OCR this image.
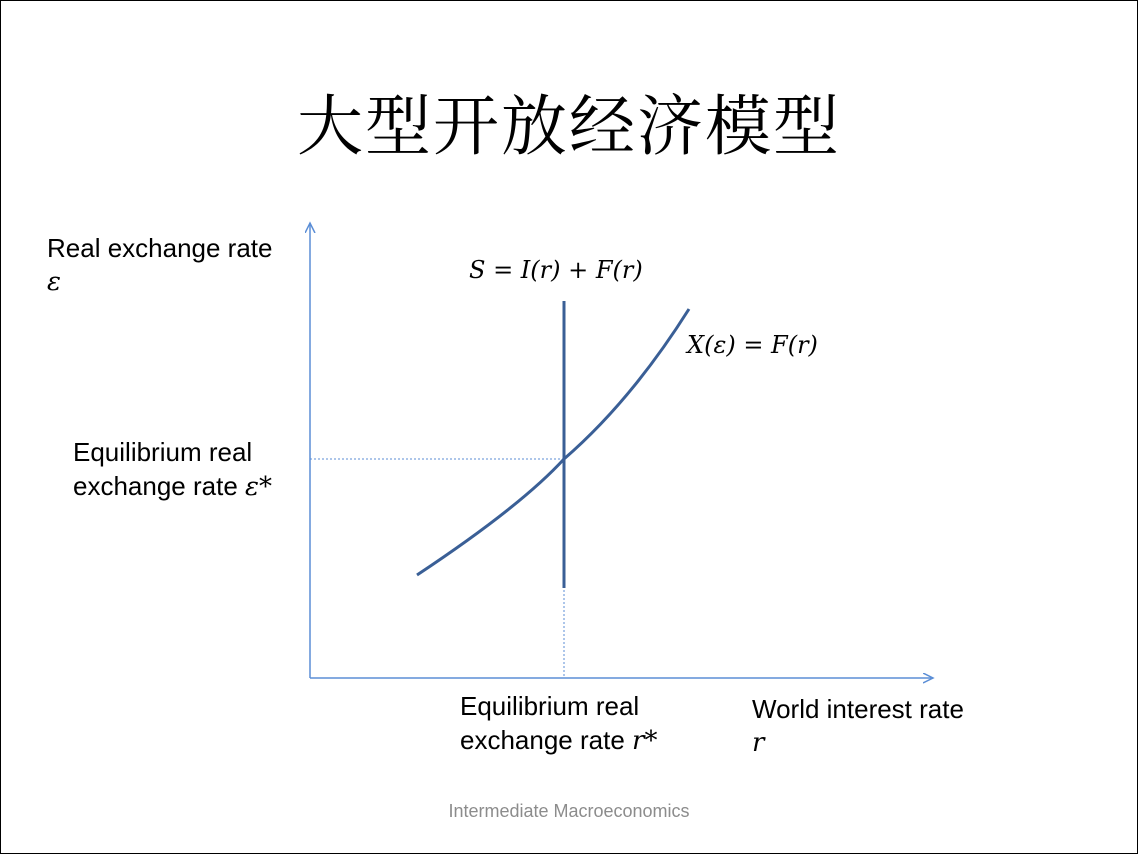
大型开放经济模型
Real exchange rate
ε
Equilibrium real
exchange rate ε*
S = I(r) + F(r)
X(ε) = F(r)
Equilibrium real
exchange rate r*
World interest rate
r
Intermediate Macroeconomics
